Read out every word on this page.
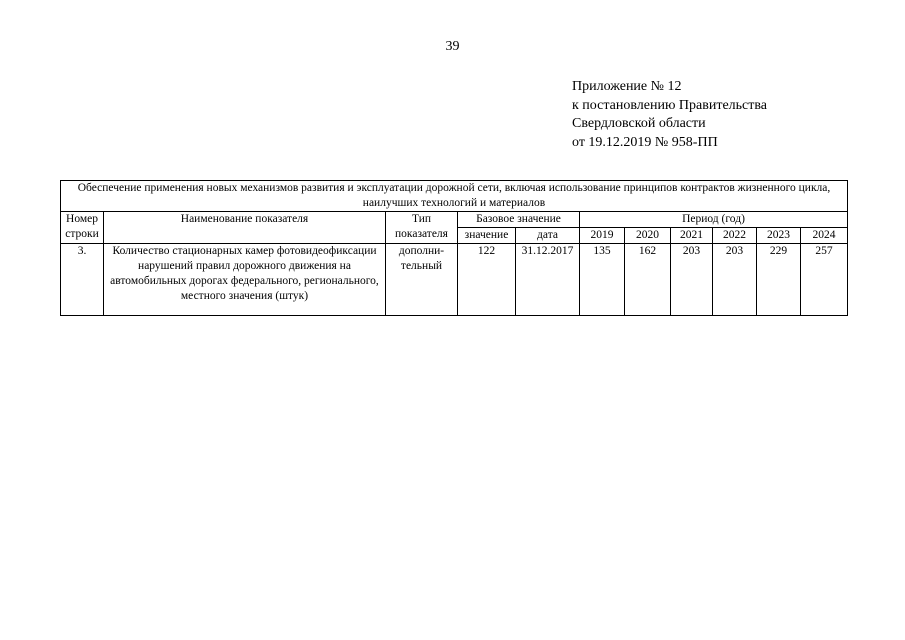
39
Приложение № 12
к постановлению Правительства
Свердловской области
от 19.12.2019 № 958-ПП
Обеспечение применения новых механизмов развития и эксплуатации дорожной сети, включая использование принципов контрактов жизненного цикла, наилучших технологий и материалов										
Номер строки	Наименование показателя	Тип показателя	Базовое значение		Период (год)					
			значение	дата	2019	2020	2021	2022	2023	2024
3.	Количество стационарных камер фотовидеофиксации нарушений правил дорожного движения на автомобильных дорогах федерального, регионального, местного значения (штук)	дополни-тельный	122	31.12.2017	135	162	203	203	229	257
